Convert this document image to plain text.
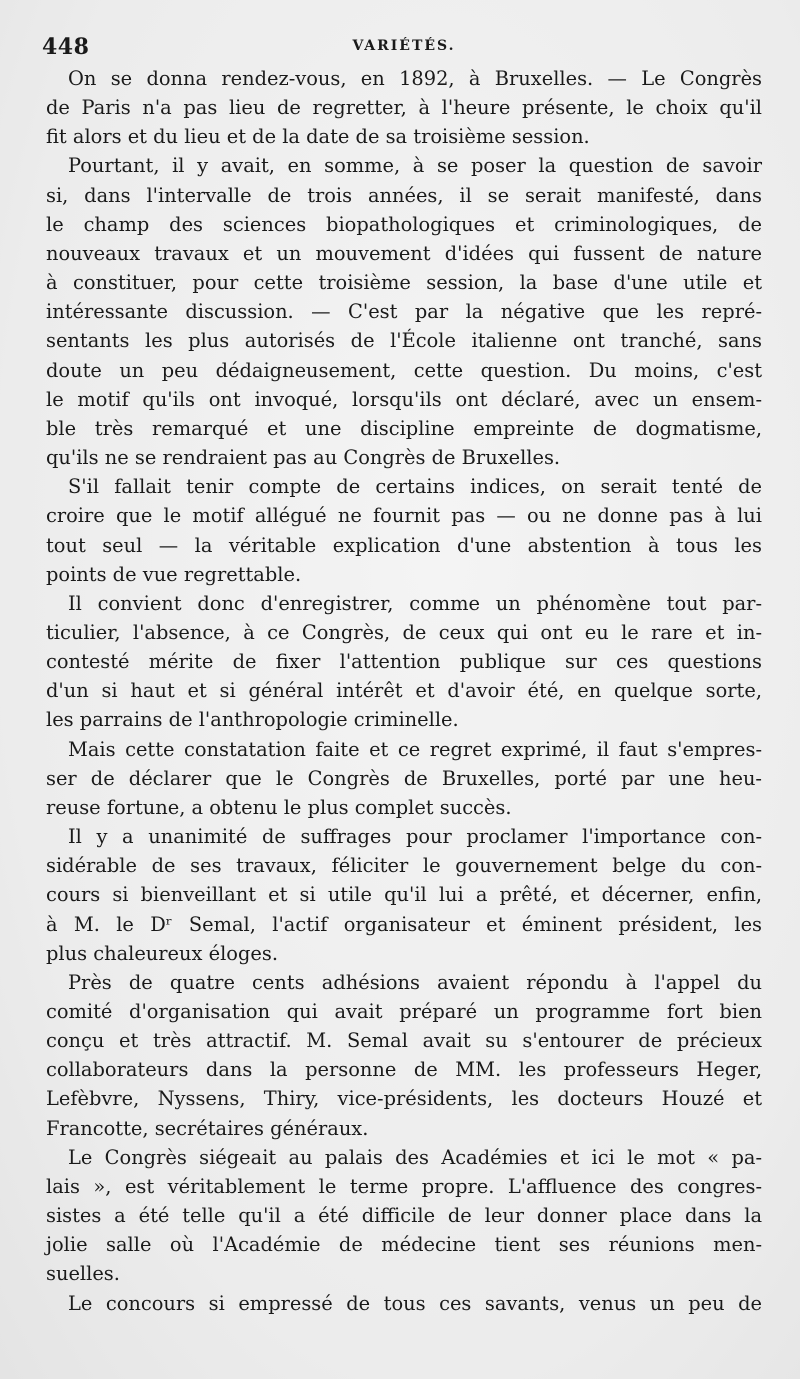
448	VARIÉTÉS.

On se donna rendez-vous, en 1892, à Bruxelles. — Le Congrès
de Paris n'a pas lieu de regretter, à l'heure présente, le choix qu'il
fit alors et du lieu et de la date de sa troisième session.

Pourtant, il y avait, en somme, à se poser la question de savoir
si, dans l'intervalle de trois années, il se serait manifesté, dans
le champ des sciences biopathologiques et criminologiques, de
nouveaux travaux et un mouvement d'idées qui fussent de nature
à constituer, pour cette troisième session, la base d'une utile et
intéressante discussion. — C'est par la négative que les repré-
sentants les plus autorisés de l'École italienne ont tranché, sans
doute un peu dédaigneusement, cette question. Du moins, c'est
le motif qu'ils ont invoqué, lorsqu'ils ont déclaré, avec un ensem-
ble très remarqué et une discipline empreinte de dogmatisme,
qu'ils ne se rendraient pas au Congrès de Bruxelles.

S'il fallait tenir compte de certains indices, on serait tenté de
croire que le motif allégué ne fournit pas — ou ne donne pas à lui
tout seul — la véritable explication d'une abstention à tous les
points de vue regrettable.

Il convient donc d'enregistrer, comme un phénomène tout par-
ticulier, l'absence, à ce Congrès, de ceux qui ont eu le rare et in-
contesté mérite de fixer l'attention publique sur ces questions
d'un si haut et si général intérêt et d'avoir été, en quelque sorte,
les parrains de l'anthropologie criminelle.

Mais cette constatation faite et ce regret exprimé, il faut s'empres-
ser de déclarer que le Congrès de Bruxelles, porté par une heu-
reuse fortune, a obtenu le plus complet succès.

Il y a unanimité de suffrages pour proclamer l'importance con-
sidérable de ses travaux, féliciter le gouvernement belge du con-
cours si bienveillant et si utile qu'il lui a prêté, et décerner, enfin,
à M. le Dʳ Semal, l'actif organisateur et éminent président, les
plus chaleureux éloges.

Près de quatre cents adhésions avaient répondu à l'appel du
comité d'organisation qui avait préparé un programme fort bien
conçu et très attractif. M. Semal avait su s'entourer de précieux
collaborateurs dans la personne de MM. les professeurs Heger,
Lefèbvre, Nyssens, Thiry, vice-présidents, les docteurs Houzé et
Francotte, secrétaires généraux.

Le Congrès siégeait au palais des Académies et ici le mot « pa-
lais », est véritablement le terme propre. L'affluence des congres-
sistes a été telle qu'il a été difficile de leur donner place dans la
jolie salle où l'Académie de médecine tient ses réunions men-
suelles.

Le concours si empressé de tous ces savants, venus un peu de
